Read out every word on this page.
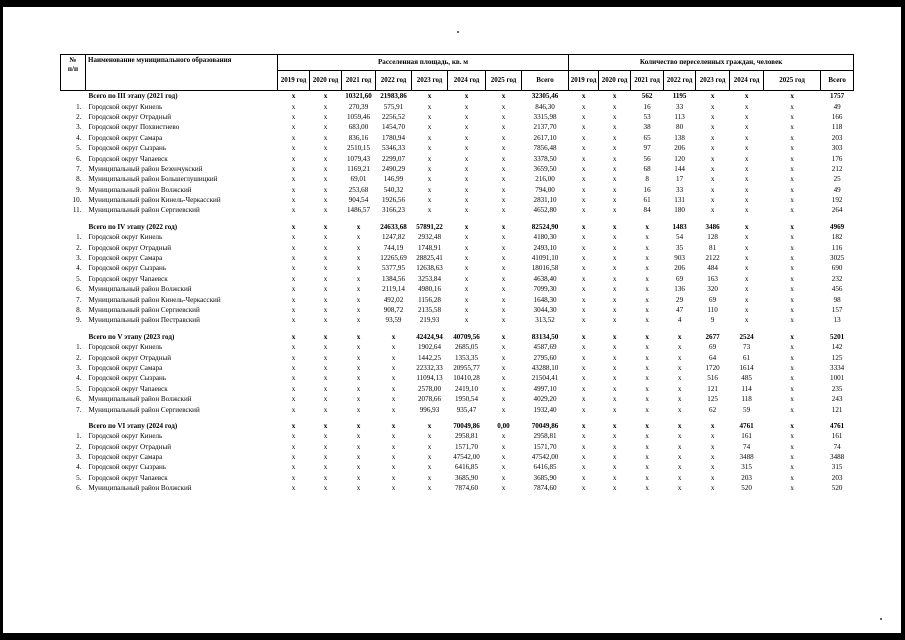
№
п/п	Наименование муниципального образования	Расселенная площадь, кв. м								Количество переселенных граждан, человек							
		2019 год	2020 год	2021 год	2022 год	2023 год	2024 год	2025 год	Всего	2019 год	2020 год	2021 год	2022 год	2023 год	2024 год	2025 год	Всего
	Всего по III этапу (2021 год)	х	х	10321,60	21983,86	х	х	х	32305,46	х	х	562	1195	х	х	х	1757
1.	Городской округ Кинель	х	х	270,39	575,91	х	х	х	846,30	х	х	16	33	х	х	х	49
2.	Городской округ Отрадный	х	х	1059,46	2256,52	х	х	х	3315,98	х	х	53	113	х	х	х	166
3.	Городской округ Похвистнево	х	х	683,00	1454,70	х	х	х	2137,70	х	х	38	80	х	х	х	118
4.	Городской округ Самара	х	х	836,16	1780,94	х	х	х	2617,10	х	х	65	138	х	х	х	203
5.	Городской округ Сызрань	х	х	2510,15	5346,33	х	х	х	7856,48	х	х	97	206	х	х	х	303
6.	Городской округ Чапаевск	х	х	1079,43	2299,07	х	х	х	3378,50	х	х	56	120	х	х	х	176
7.	Муниципальный район Безенчукский	х	х	1169,21	2490,29	х	х	х	3659,50	х	х	68	144	х	х	х	212
8.	Муниципальный район Большеглушицкий	х	х	69,01	146,99	х	х	х	216,00	х	х	8	17	х	х	х	25
9.	Муниципальный район Волжский	х	х	253,68	540,32	х	х	х	794,00	х	х	16	33	х	х	х	49
10.	Муниципальный район Кинель-Черкасский	х	х	904,54	1926,56	х	х	х	2831,10	х	х	61	131	х	х	х	192
11.	Муниципальный район Сергиевский	х	х	1486,57	3166,23	х	х	х	4652,80	х	х	84	180	х	х	х	264

	Всего по IV этапу (2022 год)	х	х	х	24633,68	57891,22	х	х	82524,90	х	х	х	1483	3486	х	х	4969
1.	Городской округ Кинель	х	х	х	1247,82	2932,48	х	х	4180,30	х	х	х	54	128	х	х	182
2.	Городской округ Отрадный	х	х	х	744,19	1748,91	х	х	2493,10	х	х	х	35	81	х	х	116
3.	Городской округ Самара	х	х	х	12265,69	28825,41	х	х	41091,10	х	х	х	903	2122	х	х	3025
4.	Городской округ Сызрань	х	х	х	5377,95	12638,63	х	х	18016,58	х	х	х	206	484	х	х	690
5.	Городской округ Чапаевск	х	х	х	1384,56	3253,84	х	х	4638,40	х	х	х	69	163	х	х	232
6.	Муниципальный район Волжский	х	х	х	2119,14	4980,16	х	х	7099,30	х	х	х	136	320	х	х	456
7.	Муниципальный район Кинель-Черкасский	х	х	х	492,02	1156,28	х	х	1648,30	х	х	х	29	69	х	х	98
8.	Муниципальный район Сергиевский	х	х	х	908,72	2135,58	х	х	3044,30	х	х	х	47	110	х	х	157
9.	Муниципальный район Пестравский	х	х	х	93,59	219,93	х	х	313,52	х	х	х	4	9	х	х	13

	Всего по V этапу (2023 год)	х	х	х	х	42424,94	40709,56	х	83134,50	х	х	х	х	2677	2524	х	5201
1.	Городской округ Кинель	х	х	х	х	1902,64	2685,05	х	4587,69	х	х	х	х	69	73	х	142
2.	Городской округ Отрадный	х	х	х	х	1442,25	1353,35	х	2795,60	х	х	х	х	64	61	х	125
3.	Городской округ Самара	х	х	х	х	22332,33	20955,77	х	43288,10	х	х	х	х	1720	1614	х	3334
4.	Городской округ Сызрань	х	х	х	х	11094,13	10410,28	х	21504,41	х	х	х	х	516	485	х	1001
5.	Городской округ Чапаевск	х	х	х	х	2578,00	2419,10	х	4997,10	х	х	х	х	121	114	х	235
6.	Муниципальный район Волжский	х	х	х	х	2078,66	1950,54	х	4029,20	х	х	х	х	125	118	х	243
7.	Муниципальный район Сергиевский	х	х	х	х	996,93	935,47	х	1932,40	х	х	х	х	62	59	х	121

	Всего по VI этапу (2024 год)	х	х	х	х	х	70049,86	0,00	70049,86	х	х	х	х	х	4761	х	4761
1.	Городской округ Кинель	х	х	х	х	х	2958,81	х	2958,81	х	х	х	х	х	161	х	161
2.	Городской округ Отрадный	х	х	х	х	х	1571,70	х	1571,70	х	х	х	х	х	74	х	74
3.	Городской округ Самара	х	х	х	х	х	47542,00	х	47542,00	х	х	х	х	х	3488	х	3488
4.	Городской округ Сызрань	х	х	х	х	х	6416,85	х	6416,85	х	х	х	х	х	315	х	315
5.	Городской округ Чапаевск	х	х	х	х	х	3685,90	х	3685,90	х	х	х	х	х	203	х	203
6.	Муниципальный район Волжский	х	х	х	х	х	7874,60	х	7874,60	х	х	х	х	х	520	х	520
